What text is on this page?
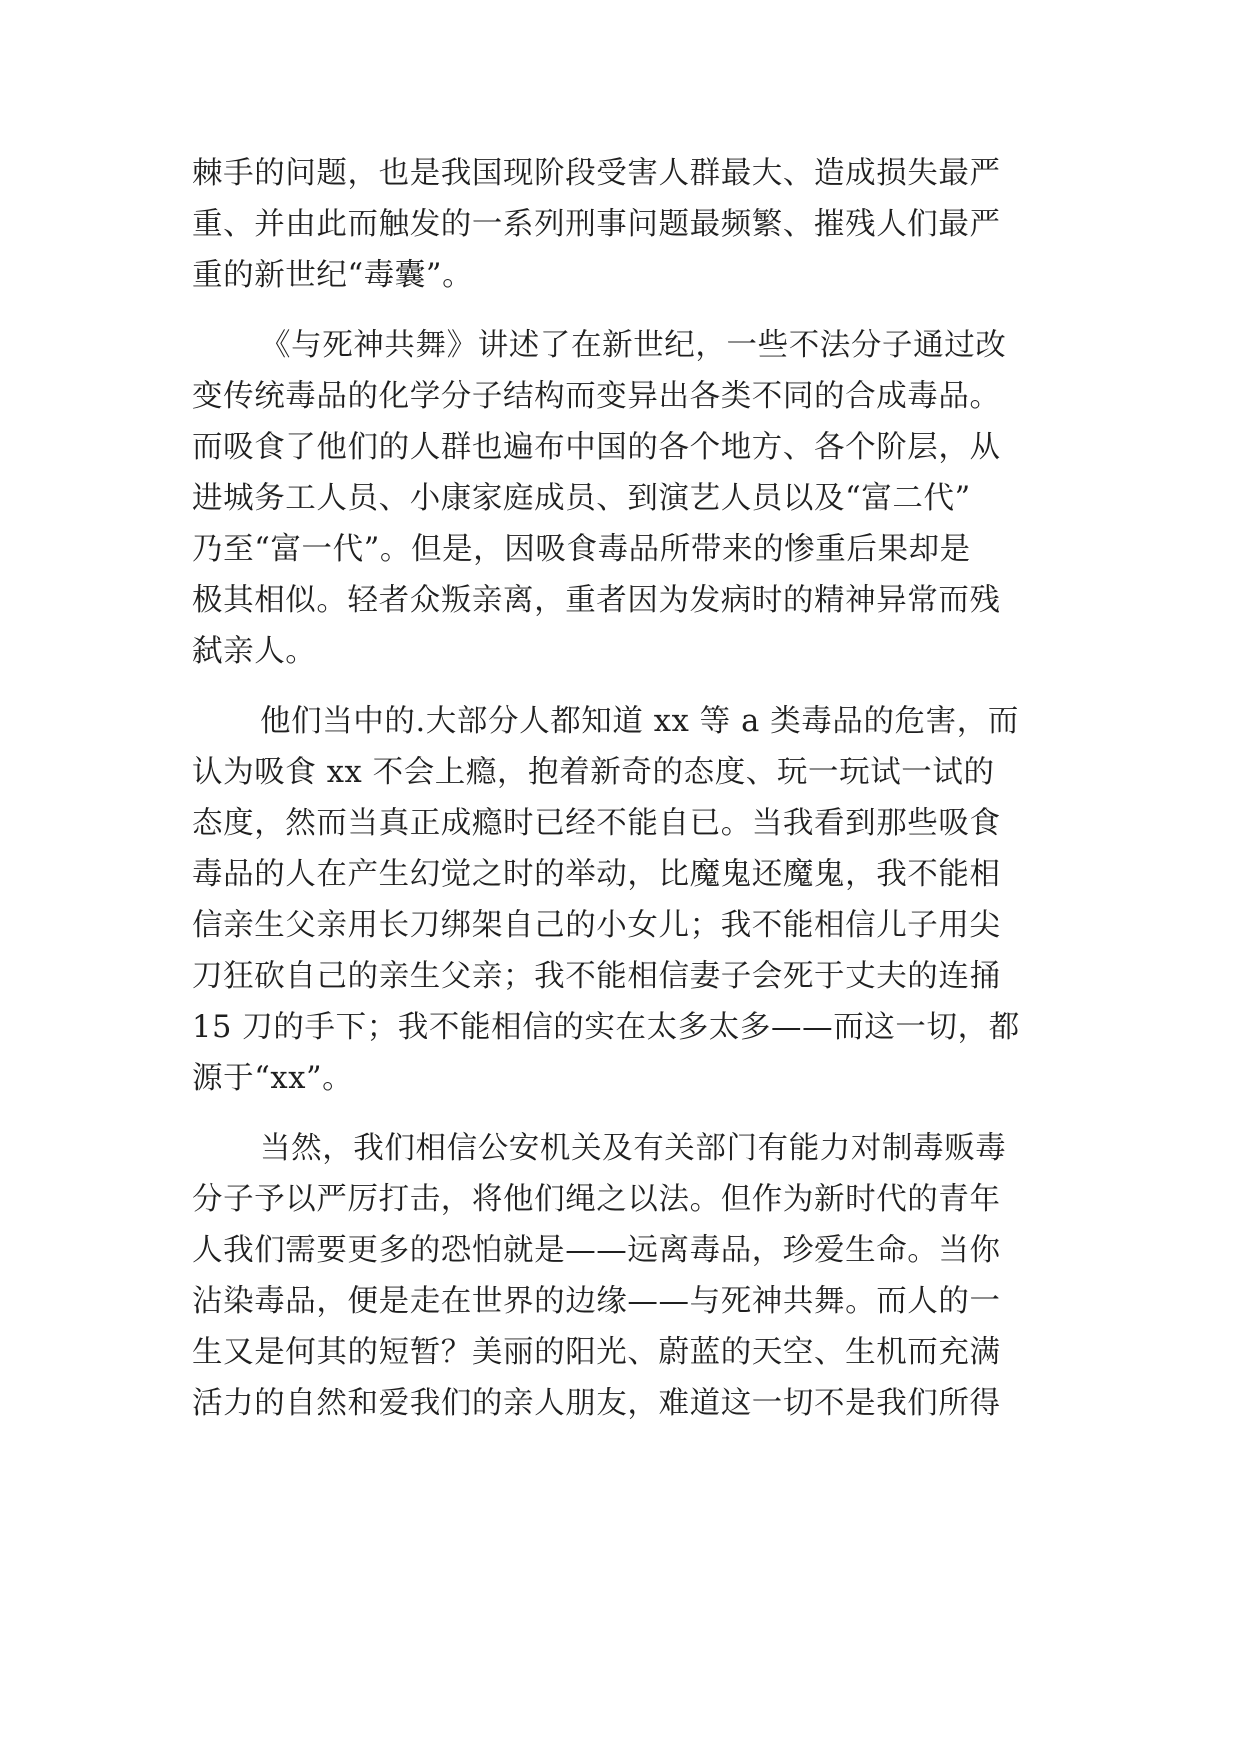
棘手的问题，也是我国现阶段受害人群最大、造成损失最严
重、并由此而触发的一系列刑事问题最频繁、摧残人们最严
重的新世纪“毒囊”。
《与死神共舞》讲述了在新世纪，一些不法分子通过改
变传统毒品的化学分子结构而变异出各类不同的合成毒品。
而吸食了他们的人群也遍布中国的各个地方、各个阶层，从
进城务工人员、小康家庭成员、到演艺人员以及“富二代”
乃至“富一代”。但是，因吸食毒品所带来的惨重后果却是
极其相似。轻者众叛亲离，重者因为发病时的精神异常而残
弑亲人。
他们当中的.大部分人都知道 xx 等 a 类毒品的危害，而
认为吸食 xx 不会上瘾，抱着新奇的态度、玩一玩试一试的
态度，然而当真正成瘾时已经不能自已。当我看到那些吸食
毒品的人在产生幻觉之时的举动，比魔鬼还魔鬼，我不能相
信亲生父亲用长刀绑架自己的小女儿；我不能相信儿子用尖
刀狂砍自己的亲生父亲；我不能相信妻子会死于丈夫的连捅
15 刀的手下；我不能相信的实在太多太多——而这一切，都
源于“xx”。
当然，我们相信公安机关及有关部门有能力对制毒贩毒
分子予以严厉打击，将他们绳之以法。但作为新时代的青年
人我们需要更多的恐怕就是——远离毒品，珍爱生命。当你
沾染毒品，便是走在世界的边缘——与死神共舞。而人的一
生又是何其的短暂？美丽的阳光、蔚蓝的天空、生机而充满
活力的自然和爱我们的亲人朋友，难道这一切不是我们所得
